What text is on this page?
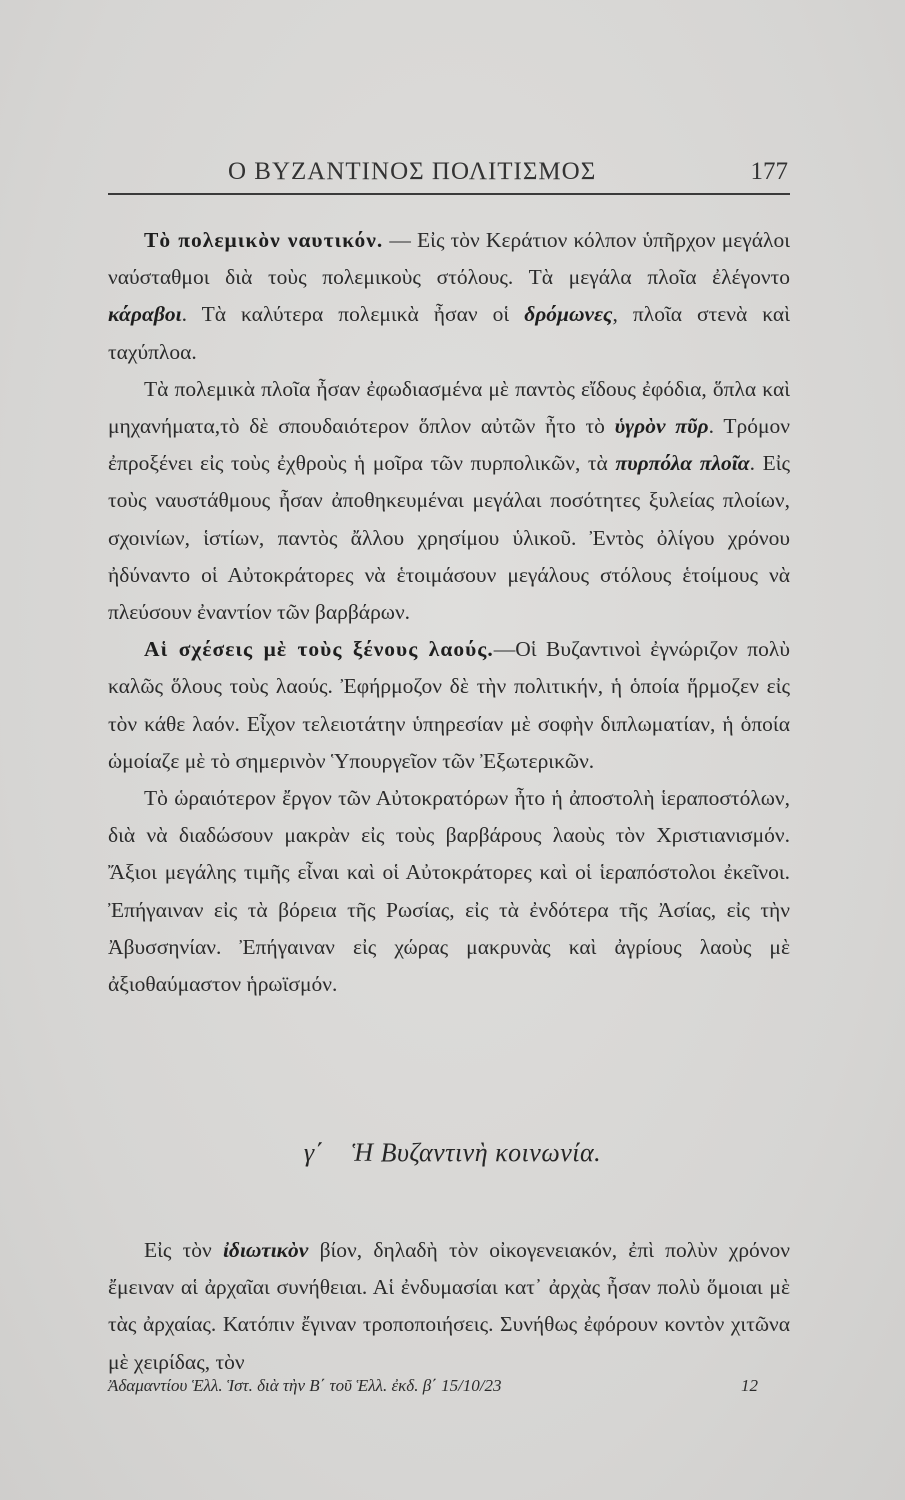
Ο ΒΥΖΑΝΤΙΝΟΣ ΠΟΛΙΤΙΣΜΟΣ	177

Τὸ πολεμικὸν ναυτικόν. — Εἰς τὸν Κεράτιον κόλπον ὑπῆρχον μεγάλοι ναύσταθμοι διὰ τοὺς πολεμικοὺς στόλους. Τὰ μεγάλα πλοῖα ἐλέγοντο κάραβοι. Τὰ καλύτερα πολεμικὰ ἦσαν οἱ δρόμωνες, πλοῖα στενὰ καὶ ταχύπλοα.

Τὰ πολεμικὰ πλοῖα ἦσαν ἐφωδιασμένα μὲ παντὸς εἴδους ἐφόδια, ὅπλα καὶ μηχανήματα,τὸ δὲ σπουδαιότερον ὅπλον αὐτῶν ἦτο τὸ ὑγρὸν πῦρ. Τρόμον ἐπροξένει εἰς τοὺς ἐχθροὺς ἡ μοῖρα τῶν πυρπολικῶν, τὰ πυρπόλα πλοῖα. Εἰς τοὺς ναυστάθμους ἦσαν ἀποθηκευμέναι μεγάλαι ποσότητες ξυλείας πλοίων, σχοινίων, ἱστίων, παντὸς ἄλλου χρησίμου ὑλικοῦ. Ἐντὸς ὀλίγου χρόνου ἠδύναντο οἱ Αὐτοκράτορες νὰ ἑτοιμάσουν μεγάλους στόλους ἑτοίμους νὰ πλεύσουν ἐναντίον τῶν βαρβάρων.

Αἱ σχέσεις μὲ τοὺς ξένους λαούς.—Οἱ Βυζαντινοὶ ἐγνώριζον πολὺ καλῶς ὅλους τοὺς λαούς. Ἐφήρμοζον δὲ τὴν πολιτικήν, ἡ ὁποία ἥρμοζεν εἰς τὸν κάθε λαόν. Εἶχον τελειοτάτην ὑπηρεσίαν μὲ σοφὴν διπλωματίαν, ἡ ὁποία ὡμοίαζε μὲ τὸ σημερινὸν Ὑπουργεῖον τῶν Ἐξωτερικῶν.

Τὸ ὡραιότερον ἔργον τῶν Αὐτοκρατόρων ἦτο ἡ ἀποστολὴ ἱεραποστόλων, διὰ νὰ διαδώσουν μακρὰν εἰς τοὺς βαρβάρους λαοὺς τὸν Χριστιανισμόν. Ἄξιοι μεγάλης τιμῆς εἶναι καὶ οἱ Αὐτοκράτορες καὶ οἱ ἱεραπόστολοι ἐκεῖνοι. Ἐπήγαιναν εἰς τὰ βόρεια τῆς Ρωσίας, εἰς τὰ ἐνδότερα τῆς Ἀσίας, εἰς τὴν Ἀβυσσηνίαν. Ἐπήγαιναν εἰς χώρας μακρυνὰς καὶ ἀγρίους λαοὺς μὲ ἀξιοθαύμαστον ἡρωϊσμόν.

γ΄ Ἡ Βυζαντινὴ κοινωνία.

Εἰς τὸν ἰδιωτικὸν βίον, δηλαδὴ τὸν οἰκογενειακόν, ἐπὶ πολὺν χρόνον ἔμειναν αἱ ἀρχαῖαι συνήθειαι. Αἱ ἐνδυμασίαι κατ᾽ ἀρχὰς ἦσαν πολὺ ὅμοιαι μὲ τὰς ἀρχαίας. Κατόπιν ἔγιναν τροποποιήσεις. Συνήθως ἐφόρουν κοντὸν χιτῶνα μὲ χειρίδας, τὸν

Ἀδαμαντίου Ἑλλ. Ἱστ. διὰ τὴν Β΄ τοῦ Ἑλλ. ἐκδ. β΄ 15/10/23	12
